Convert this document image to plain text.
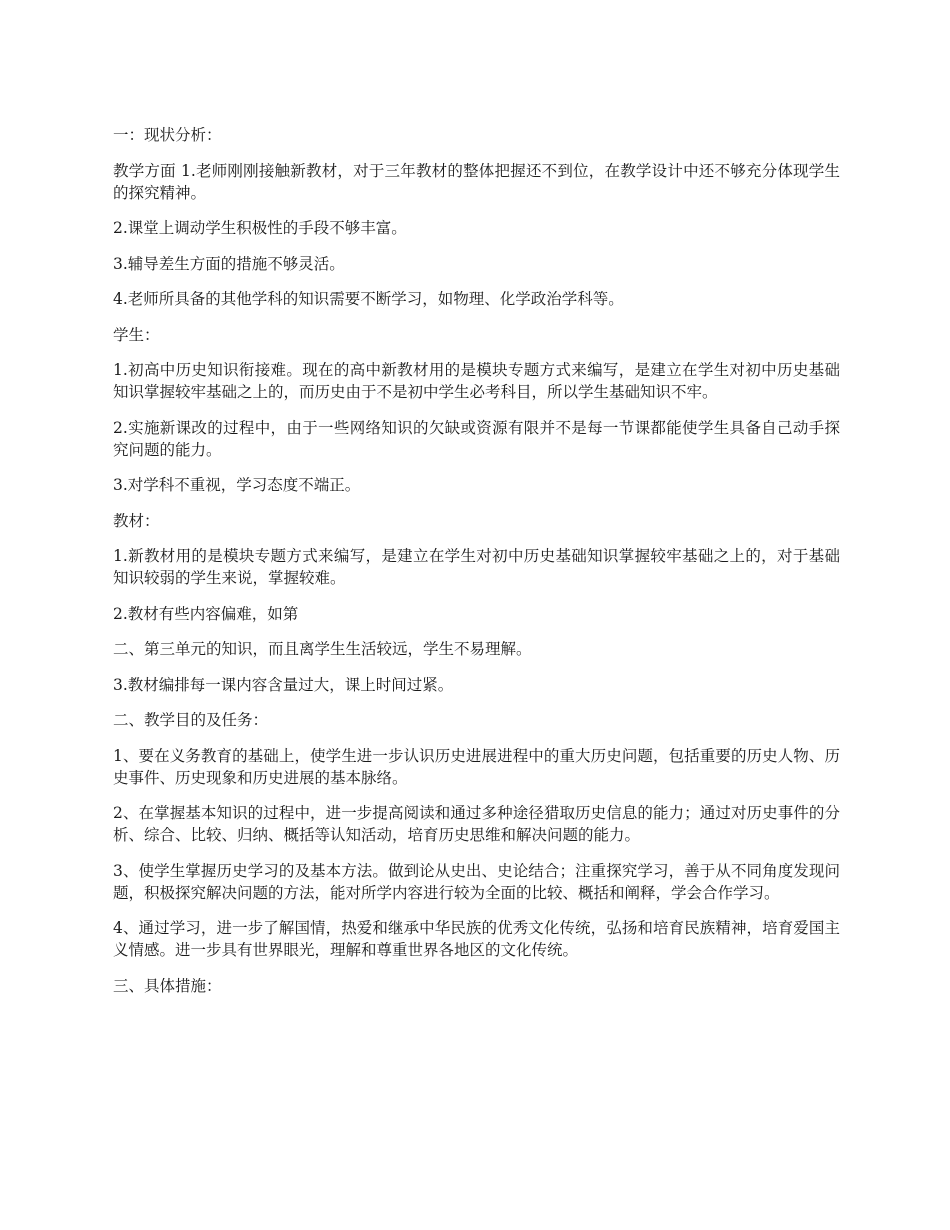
一：现状分析：

教学方面 1.老师刚刚接触新教材，对于三年教材的整体把握还不到位，在教学设计中还不够充分体现学生的探究精神。

2.课堂上调动学生积极性的手段不够丰富。

3.辅导差生方面的措施不够灵活。

4.老师所具备的其他学科的知识需要不断学习，如物理、化学政治学科等。

学生：

1.初高中历史知识衔接难。现在的高中新教材用的是模块专题方式来编写，是建立在学生对初中历史基础知识掌握较牢基础之上的，而历史由于不是初中学生必考科目，所以学生基础知识不牢。

2.实施新课改的过程中，由于一些网络知识的欠缺或资源有限并不是每一节课都能使学生具备自己动手探究问题的能力。

3.对学科不重视，学习态度不端正。

教材：

1.新教材用的是模块专题方式来编写，是建立在学生对初中历史基础知识掌握较牢基础之上的，对于基础知识较弱的学生来说，掌握较难。

2.教材有些内容偏难，如第

二、第三单元的知识，而且离学生生活较远，学生不易理解。

3.教材编排每一课内容含量过大，课上时间过紧。

二、教学目的及任务：

1、要在义务教育的基础上，使学生进一步认识历史进展进程中的重大历史问题，包括重要的历史人物、历史事件、历史现象和历史进展的基本脉络。

2、在掌握基本知识的过程中，进一步提高阅读和通过多种途径猎取历史信息的能力；通过对历史事件的分析、综合、比较、归纳、概括等认知活动，培育历史思维和解决问题的能力。

3、使学生掌握历史学习的及基本方法。做到论从史出、史论结合；注重探究学习，善于从不同角度发现问题，积极探究解决问题的方法，能对所学内容进行较为全面的比较、概括和阐释，学会合作学习。

4、通过学习，进一步了解国情，热爱和继承中华民族的优秀文化传统，弘扬和培育民族精神，培育爱国主义情感。进一步具有世界眼光，理解和尊重世界各地区的文化传统。

三、具体措施：
